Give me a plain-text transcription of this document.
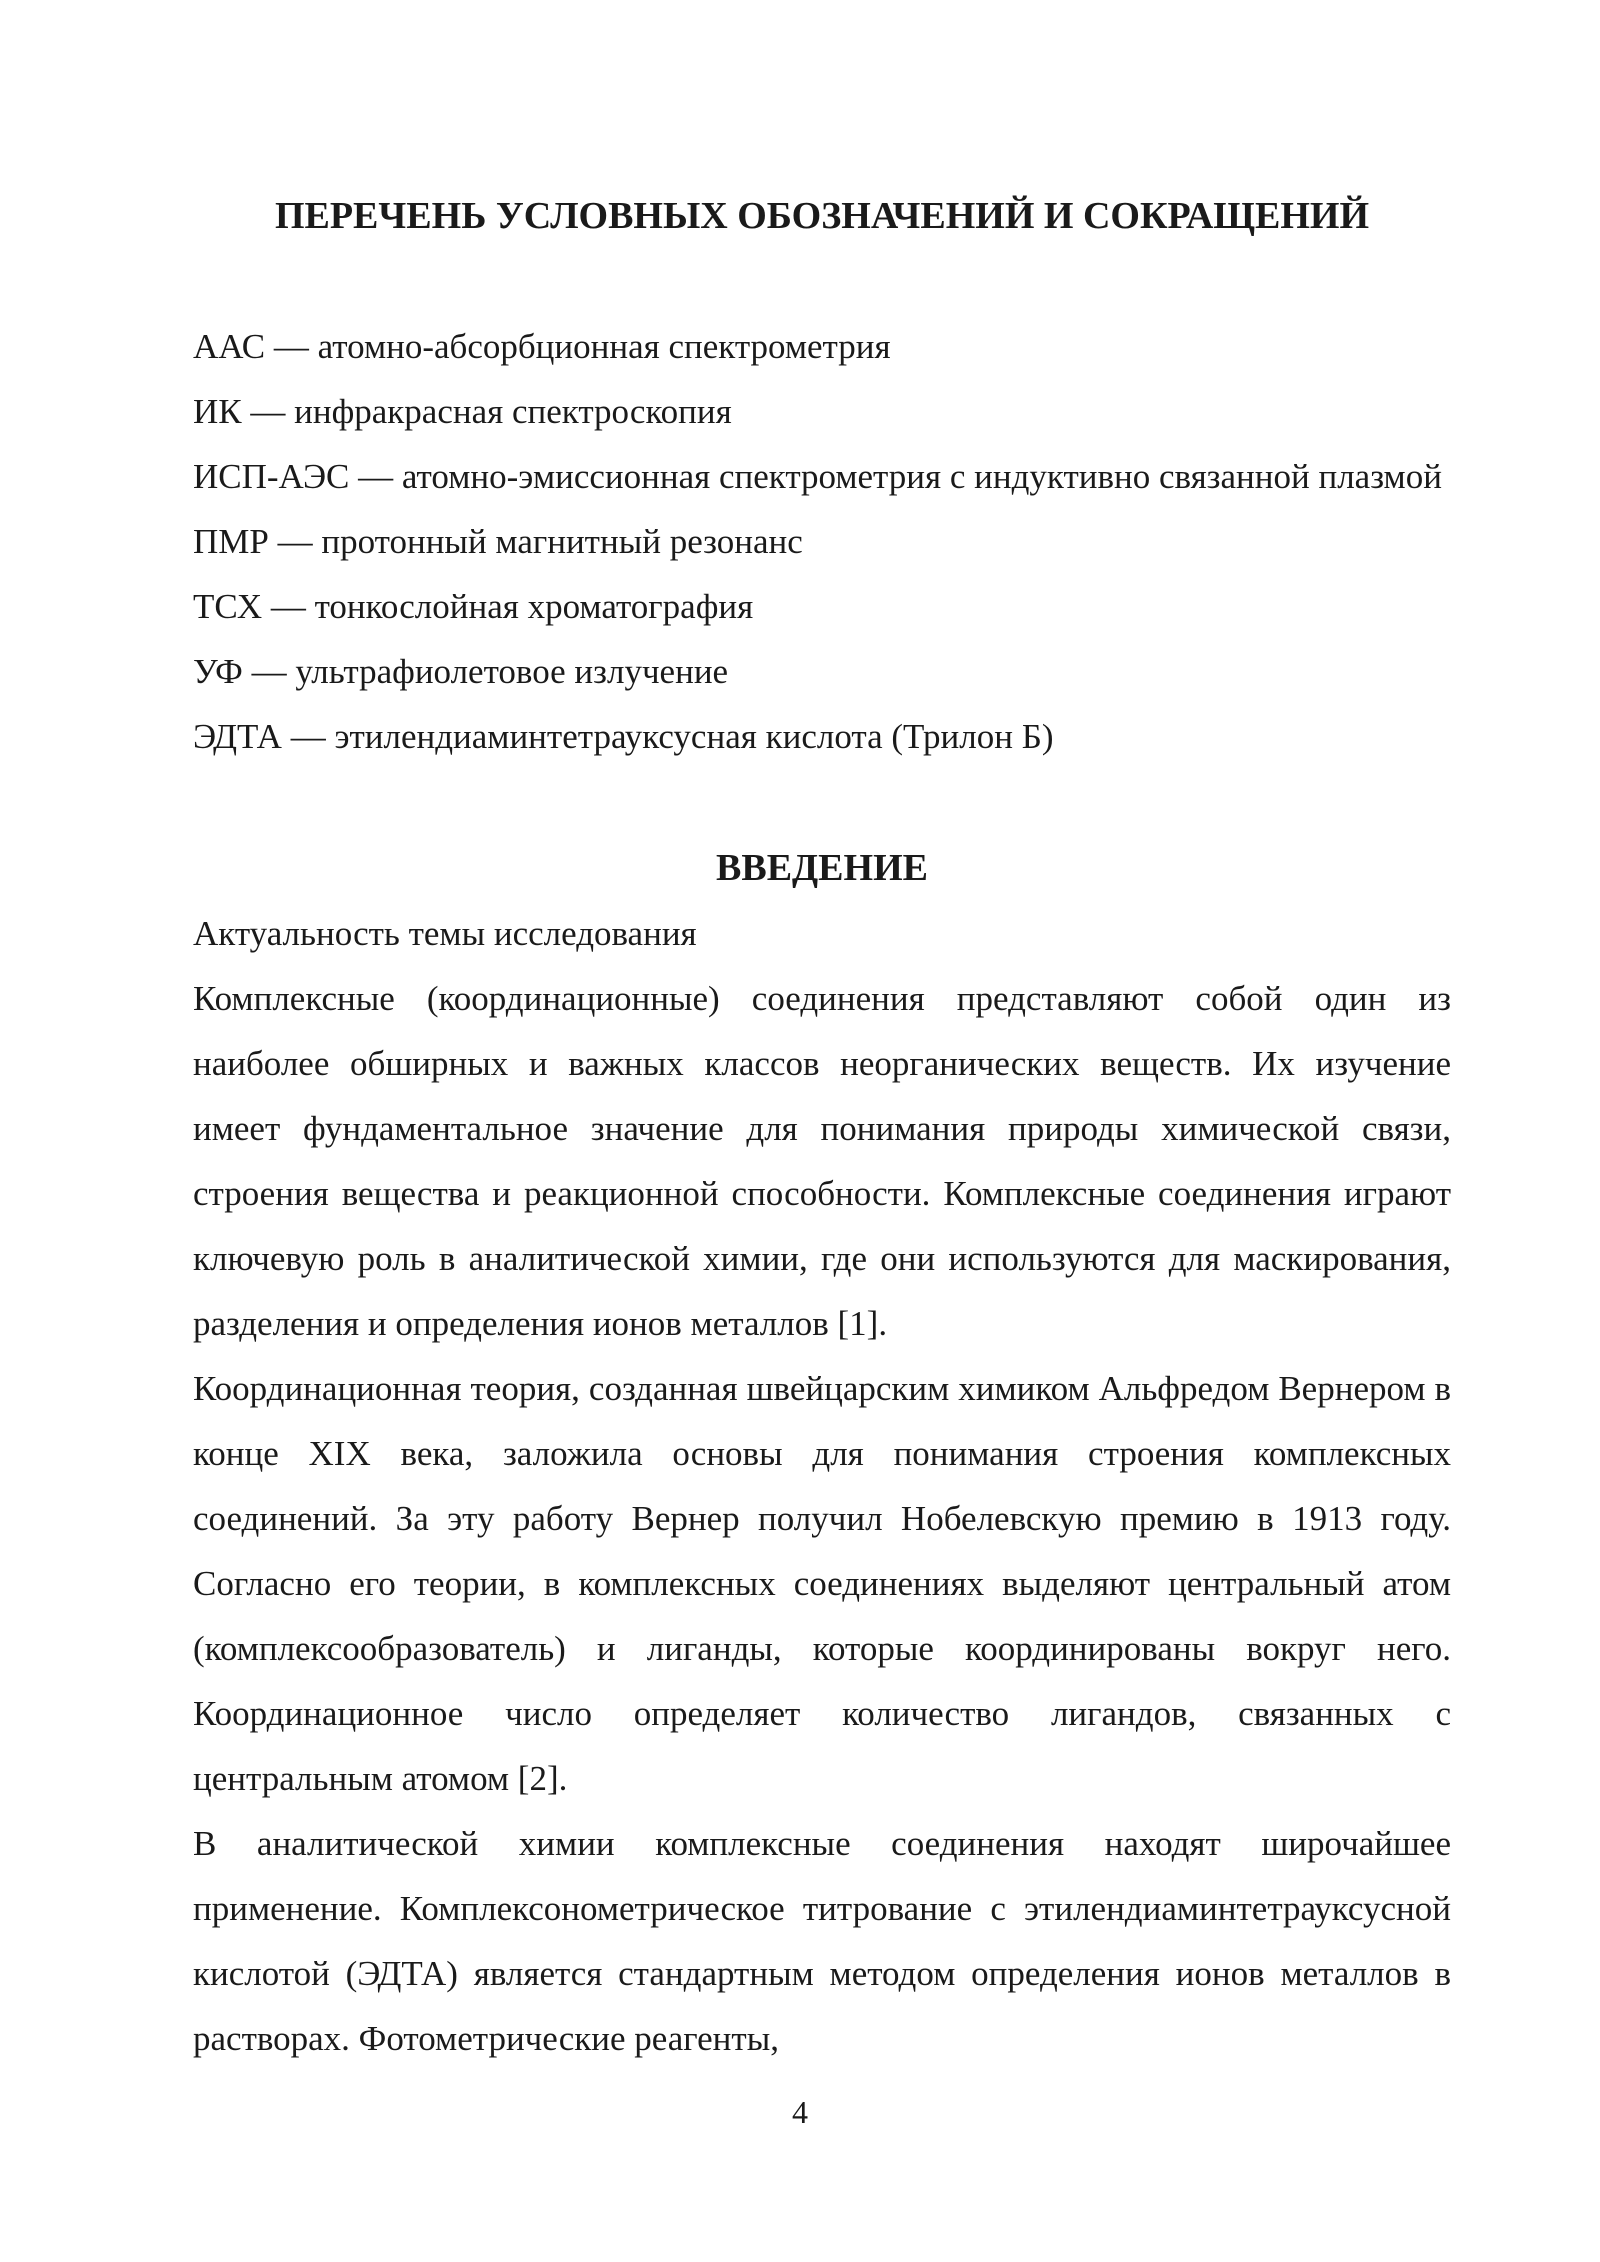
ПЕРЕЧЕНЬ УСЛОВНЫХ ОБОЗНАЧЕНИЙ И СОКРАЩЕНИЙ
ААС — атомно-абсорбционная спектрометрия
ИК — инфракрасная спектроскопия
ИСП-АЭС — атомно-эмиссионная спектрометрия с индуктивно связанной плазмой
ПМР — протонный магнитный резонанс
ТСХ — тонкослойная хроматография
УФ — ультрафиолетовое излучение
ЭДТА — этилендиаминтетрауксусная кислота (Трилон Б)
ВВЕДЕНИЕ

Актуальность темы исследования

Комплексные (координационные) соединения представляют собой один из наиболее обширных и важных классов неорганических веществ. Их изучение имеет фундаментальное значение для понимания природы химической связи, строения вещества и реакционной способности. Комплексные соединения играют ключевую роль в аналитической химии, где они используются для маскирования, разделения и определения ионов металлов [1].

Координационная теория, созданная швейцарским химиком Альфредом Вернером в конце XIX века, заложила основы для понимания строения комплексных соединений. За эту работу Вернер получил Нобелевскую премию в 1913 году. Согласно его теории, в комплексных соединениях выделяют центральный атом (комплексообразователь) и лиганды, которые координированы вокруг него. Координационное число определяет количество лигандов, связанных с центральным атомом [2].

В аналитической химии комплексные соединения находят широчайшее применение. Комплексонометрическое титрование с этилендиаминтетрауксусной кислотой (ЭДТА) является стандартным методом определения ионов металлов в растворах. Фотометрические реагенты,

4
